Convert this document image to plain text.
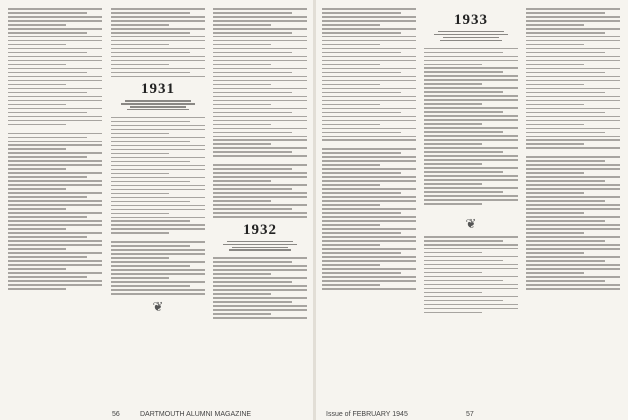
1931
❦
1932
56	DARTMOUTH ALUMNI MAGAZINE
1933
❦
Issue of FEBRUARY 1945	57
